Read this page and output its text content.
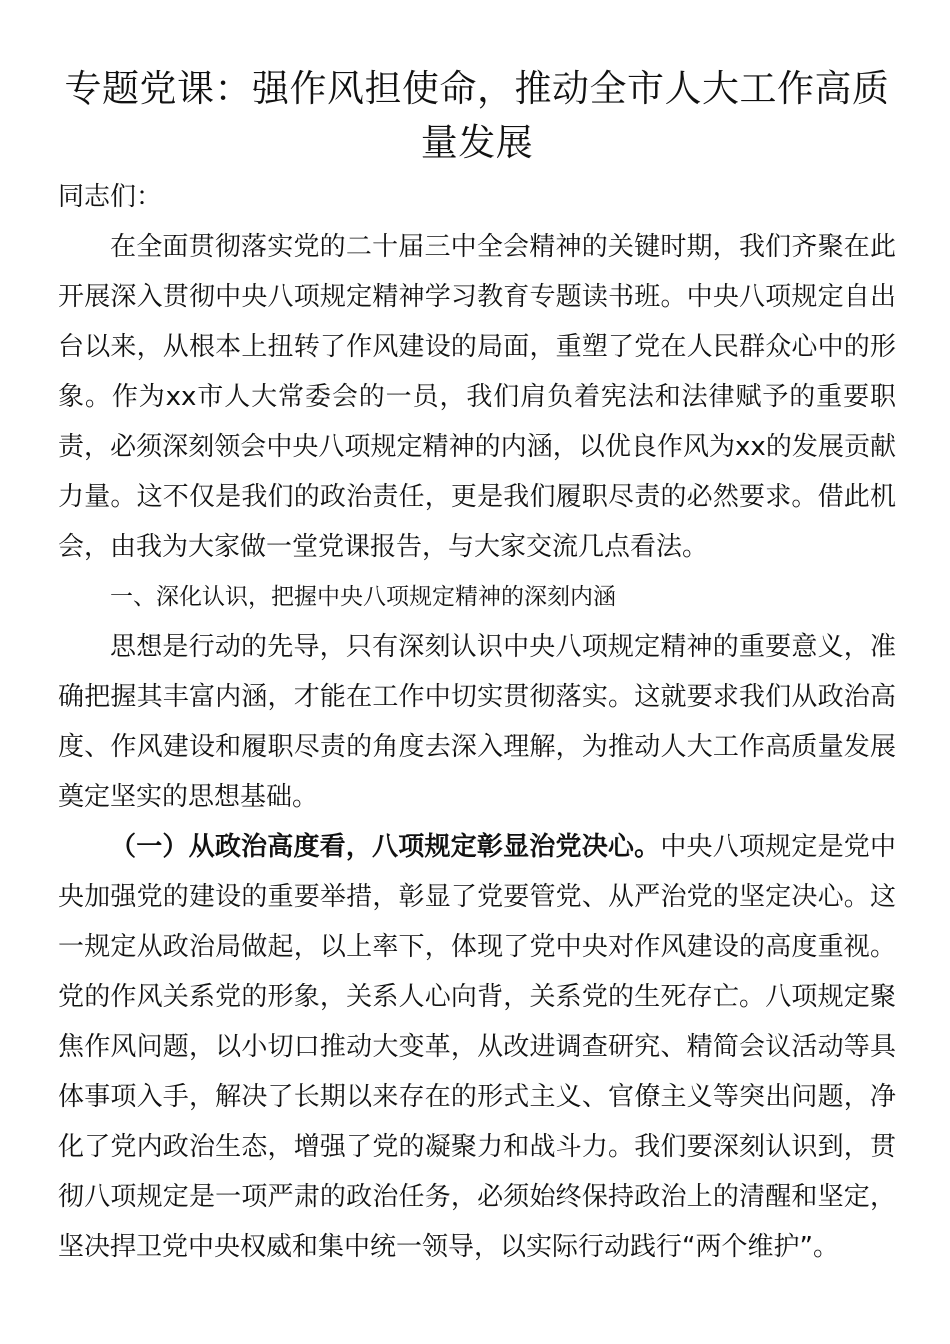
专题党课：强作风担使命，推动全市人大工作高质量发展

同志们：

在全面贯彻落实党的二十届三中全会精神的关键时期，我们齐聚在此开展深入贯彻中央八项规定精神学习教育专题读书班。中央八项规定自出台以来，从根本上扭转了作风建设的局面，重塑了党在人民群众心中的形象。作为xx市人大常委会的一员，我们肩负着宪法和法律赋予的重要职责，必须深刻领会中央八项规定精神的内涵，以优良作风为xx的发展贡献力量。这不仅是我们的政治责任，更是我们履职尽责的必然要求。借此机会，由我为大家做一堂党课报告，与大家交流几点看法。

一、深化认识，把握中央八项规定精神的深刻内涵

思想是行动的先导，只有深刻认识中央八项规定精神的重要意义，准确把握其丰富内涵，才能在工作中切实贯彻落实。这就要求我们从政治高度、作风建设和履职尽责的角度去深入理解，为推动人大工作高质量发展奠定坚实的思想基础。

（一）从政治高度看，八项规定彰显治党决心。中央八项规定是党中央加强党的建设的重要举措，彰显了党要管党、从严治党的坚定决心。这一规定从政治局做起，以上率下，体现了党中央对作风建设的高度重视。党的作风关系党的形象，关系人心向背，关系党的生死存亡。八项规定聚焦作风问题，以小切口推动大变革，从改进调查研究、精简会议活动等具体事项入手，解决了长期以来存在的形式主义、官僚主义等突出问题，净化了党内政治生态，增强了党的凝聚力和战斗力。我们要深刻认识到，贯彻八项规定是一项严肃的政治任务，必须始终保持政治上的清醒和坚定，坚决捍卫党中央权威和集中统一领导，以实际行动践行“两个维护”。
